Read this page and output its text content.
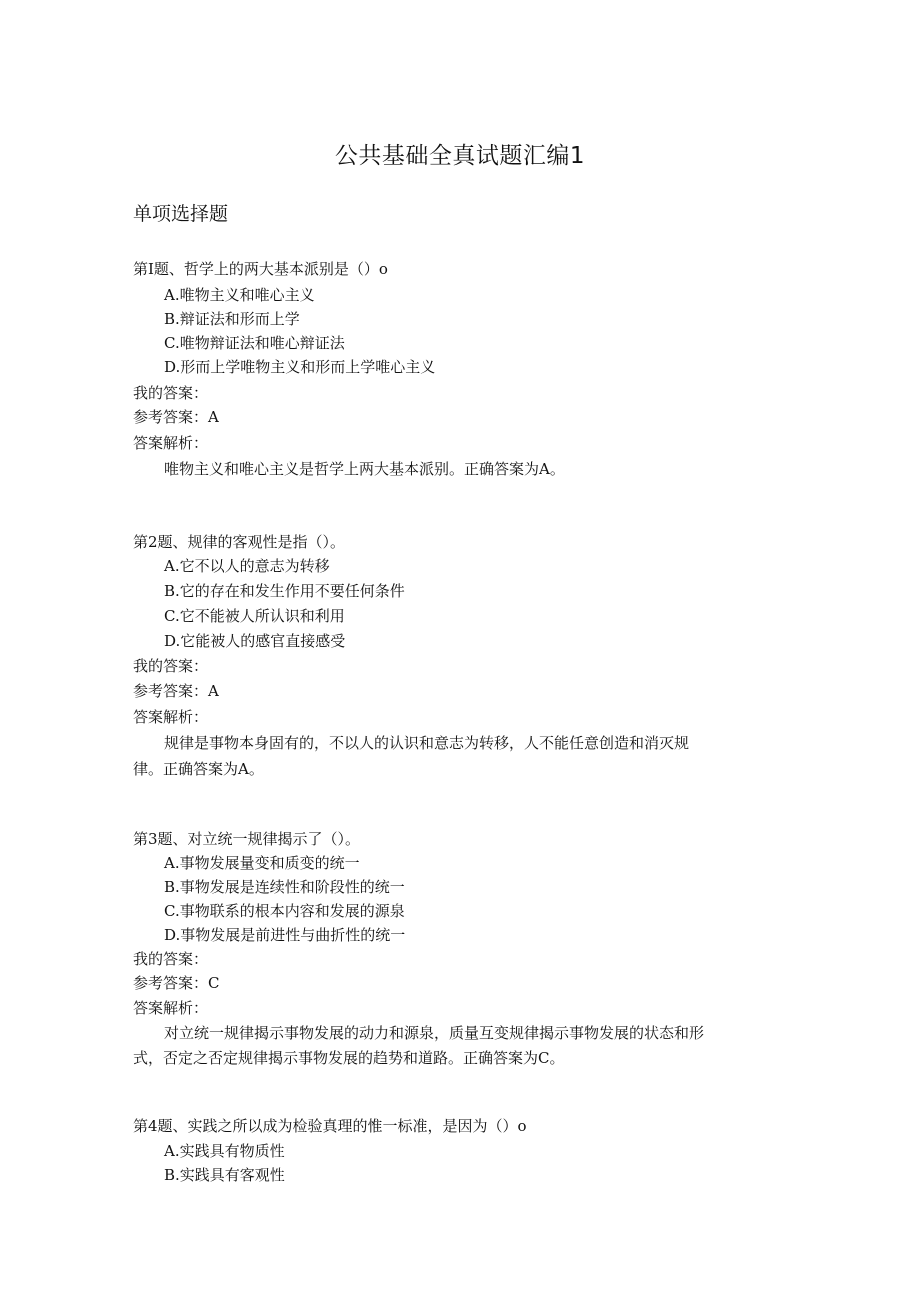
公共基础全真试题汇编1
单项选择题
第I题、哲学上的两大基本派别是（）o
A.唯物主义和唯心主义
B.辩证法和形而上学
C.唯物辩证法和唯心辩证法
D.形而上学唯物主义和形而上学唯心主义
我的答案：
参考答案：A
答案解析：
唯物主义和唯心主义是哲学上两大基本派别。正确答案为A。
第2题、规律的客观性是指（）。
A.它不以人的意志为转移
B.它的存在和发生作用不要任何条件
C.它不能被人所认识和利用
D.它能被人的感官直接感受
我的答案：
参考答案：A
答案解析：
规律是事物本身固有的，不以人的认识和意志为转移，人不能任意创造和消灭规
律。正确答案为A。
第3题、对立统一规律揭示了（）。
A.事物发展量变和质变的统一
B.事物发展是连续性和阶段性的统一
C.事物联系的根本内容和发展的源泉
D.事物发展是前进性与曲折性的统一
我的答案：
参考答案：C
答案解析：
对立统一规律揭示事物发展的动力和源泉，质量互变规律揭示事物发展的状态和形
式，否定之否定规律揭示事物发展的趋势和道路。正确答案为C。
第4题、实践之所以成为检验真理的惟一标准，是因为（）o
A.实践具有物质性
B.实践具有客观性
